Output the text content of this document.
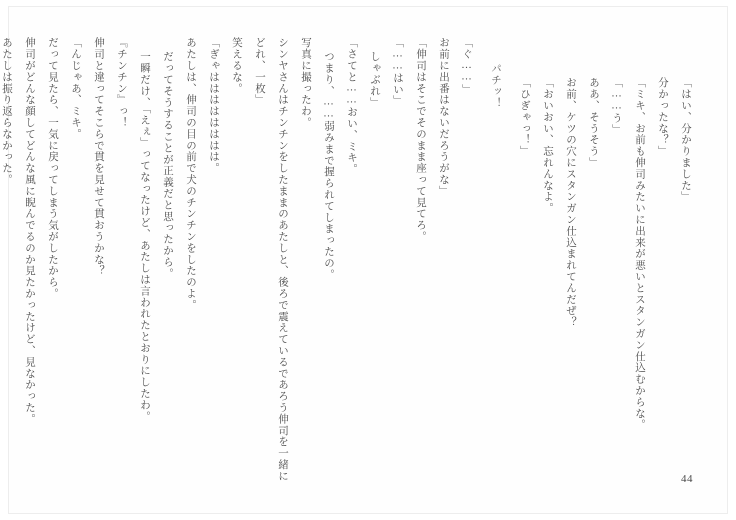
あたしは振り返らなかった。	伸司がどんな顔してどんな風に睨んでるのか見たかったけど、見なかった。	だって見たら、一気に戻ってしまう気がしたから。	「んじゃあ、ミキ。	伸司と違ってそこらで貫を見せて貫おうかな？	『チンチン』っ！	一瞬だけ、「えぇ」ってなったけど、あたしは言われたとおりにしたわ。	だってそうすることが正義だと思ったから。	あたしは、伸司の目の前で犬のチンチンをしたのよ。	「ぎゃはははははははは。	笑えるな。	どれ、一枚」	シンヤさんはチンチンをしたままのあたしと、後ろで震えているであろう伸司を一緒に	写真に撮ったわ。	つまり、……弱みまで握られてしまったの。	「さてと……おい、ミキ。	しゃぶれ」	「……はい」	「伸司はそこでそのまま座って見てろ。	お前に出番はないだろうがな」	「ぐ……」	パチッ！	「ひぎゃっ！」	「おいおい、忘れんなよ。	お前、ケツの穴にスタンガン仕込まれてんだぜ？	ああ、そうそう」	「……う」	「ミキ、お前も伸司みたいに出来が悪いとスタンガン仕込むからな。	分かったな？」	「はい、分かりました」
44
